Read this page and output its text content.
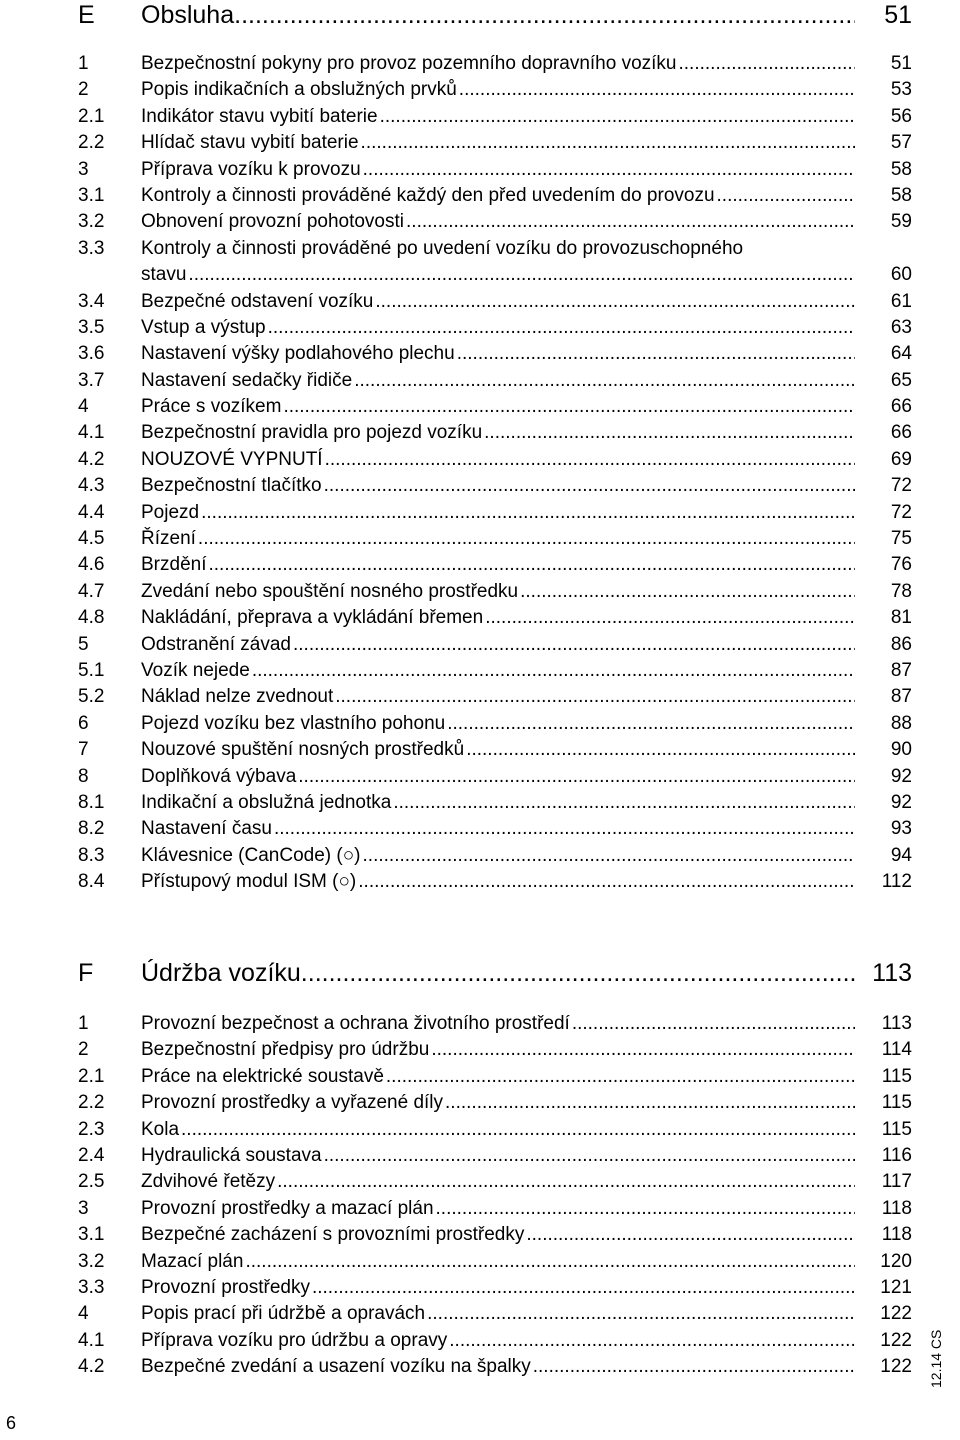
E Obsluha .....	51
1	Bezpečnostní pokyny pro provoz pozemního dopravního vozíku .....	51
2	Popis indikačních a obslužných prvků .....	53
2.1 Indikátor stavu vybití baterie .....	56
2.2 Hlídač stavu vybití baterie .....	57
3	Příprava vozíku k provozu .....	58
3.1 Kontroly a činnosti prováděné každý den před uvedením do provozu .....	58
3.2 Obnovení provozní pohotovosti .....	59
3.3 Kontroly a činnosti prováděné po uvedení vozíku do provozuschopného
stavu .....	60
3.4 Bezpečné odstavení vozíku .....	61
3.5 Vstup a výstup .....	63
3.6 Nastavení výšky podlahového plechu .....	64
3.7 Nastavení sedačky řidiče .....	65
4	Práce s vozíkem .....	66
4.1 Bezpečnostní pravidla pro pojezd vozíku .....	66
4.2 NOUZOVÉ VYPNUTÍ .....	69
4.3 Bezpečnostní tlačítko .....	72
4.4 Pojezd .....	72
4.5 Řízení .....	75
4.6 Brzdění .....	76
4.7 Zvedání nebo spouštění nosného prostředku .....	78
4.8 Nakládání, přeprava a vykládání břemen .....	81
5	Odstranění závad .....	86
5.1 Vozík nejede .....	87
5.2 Náklad nelze zvednout .....	87
6	Pojezd vozíku bez vlastního pohonu .....	88
7	Nouzové spuštění nosných prostředků .....	90
8	Doplňková výbava .....	92
8.1 Indikační a obslužná jednotka .....	92
8.2 Nastavení času .....	93
8.3 Klávesnice (CanCode) (○) .....	94
8.4 Přístupový modul ISM (○) .....	112
F Údržba vozíku .....	113
1	Provozní bezpečnost a ochrana životního prostředí .....	113
2	Bezpečnostní předpisy pro údržbu .....	114
2.1 Práce na elektrické soustavě .....	115
2.2 Provozní prostředky a vyřazené díly .....	115
2.3 Kola .....	115
2.4 Hydraulická soustava .....	116
2.5 Zdvihové řetězy .....	117
3	Provozní prostředky a mazací plán .....	118
3.1 Bezpečné zacházení s provozními prostředky .....	118
3.2 Mazací plán .....	120
3.3 Provozní prostředky .....	121
4	Popis prací při údržbě a opravách .....	122
4.1 Příprava vozíku pro údržbu a opravy .....	122
4.2 Bezpečné zvedání a usazení vozíku na špalky .....	122 12.14 CS
6
